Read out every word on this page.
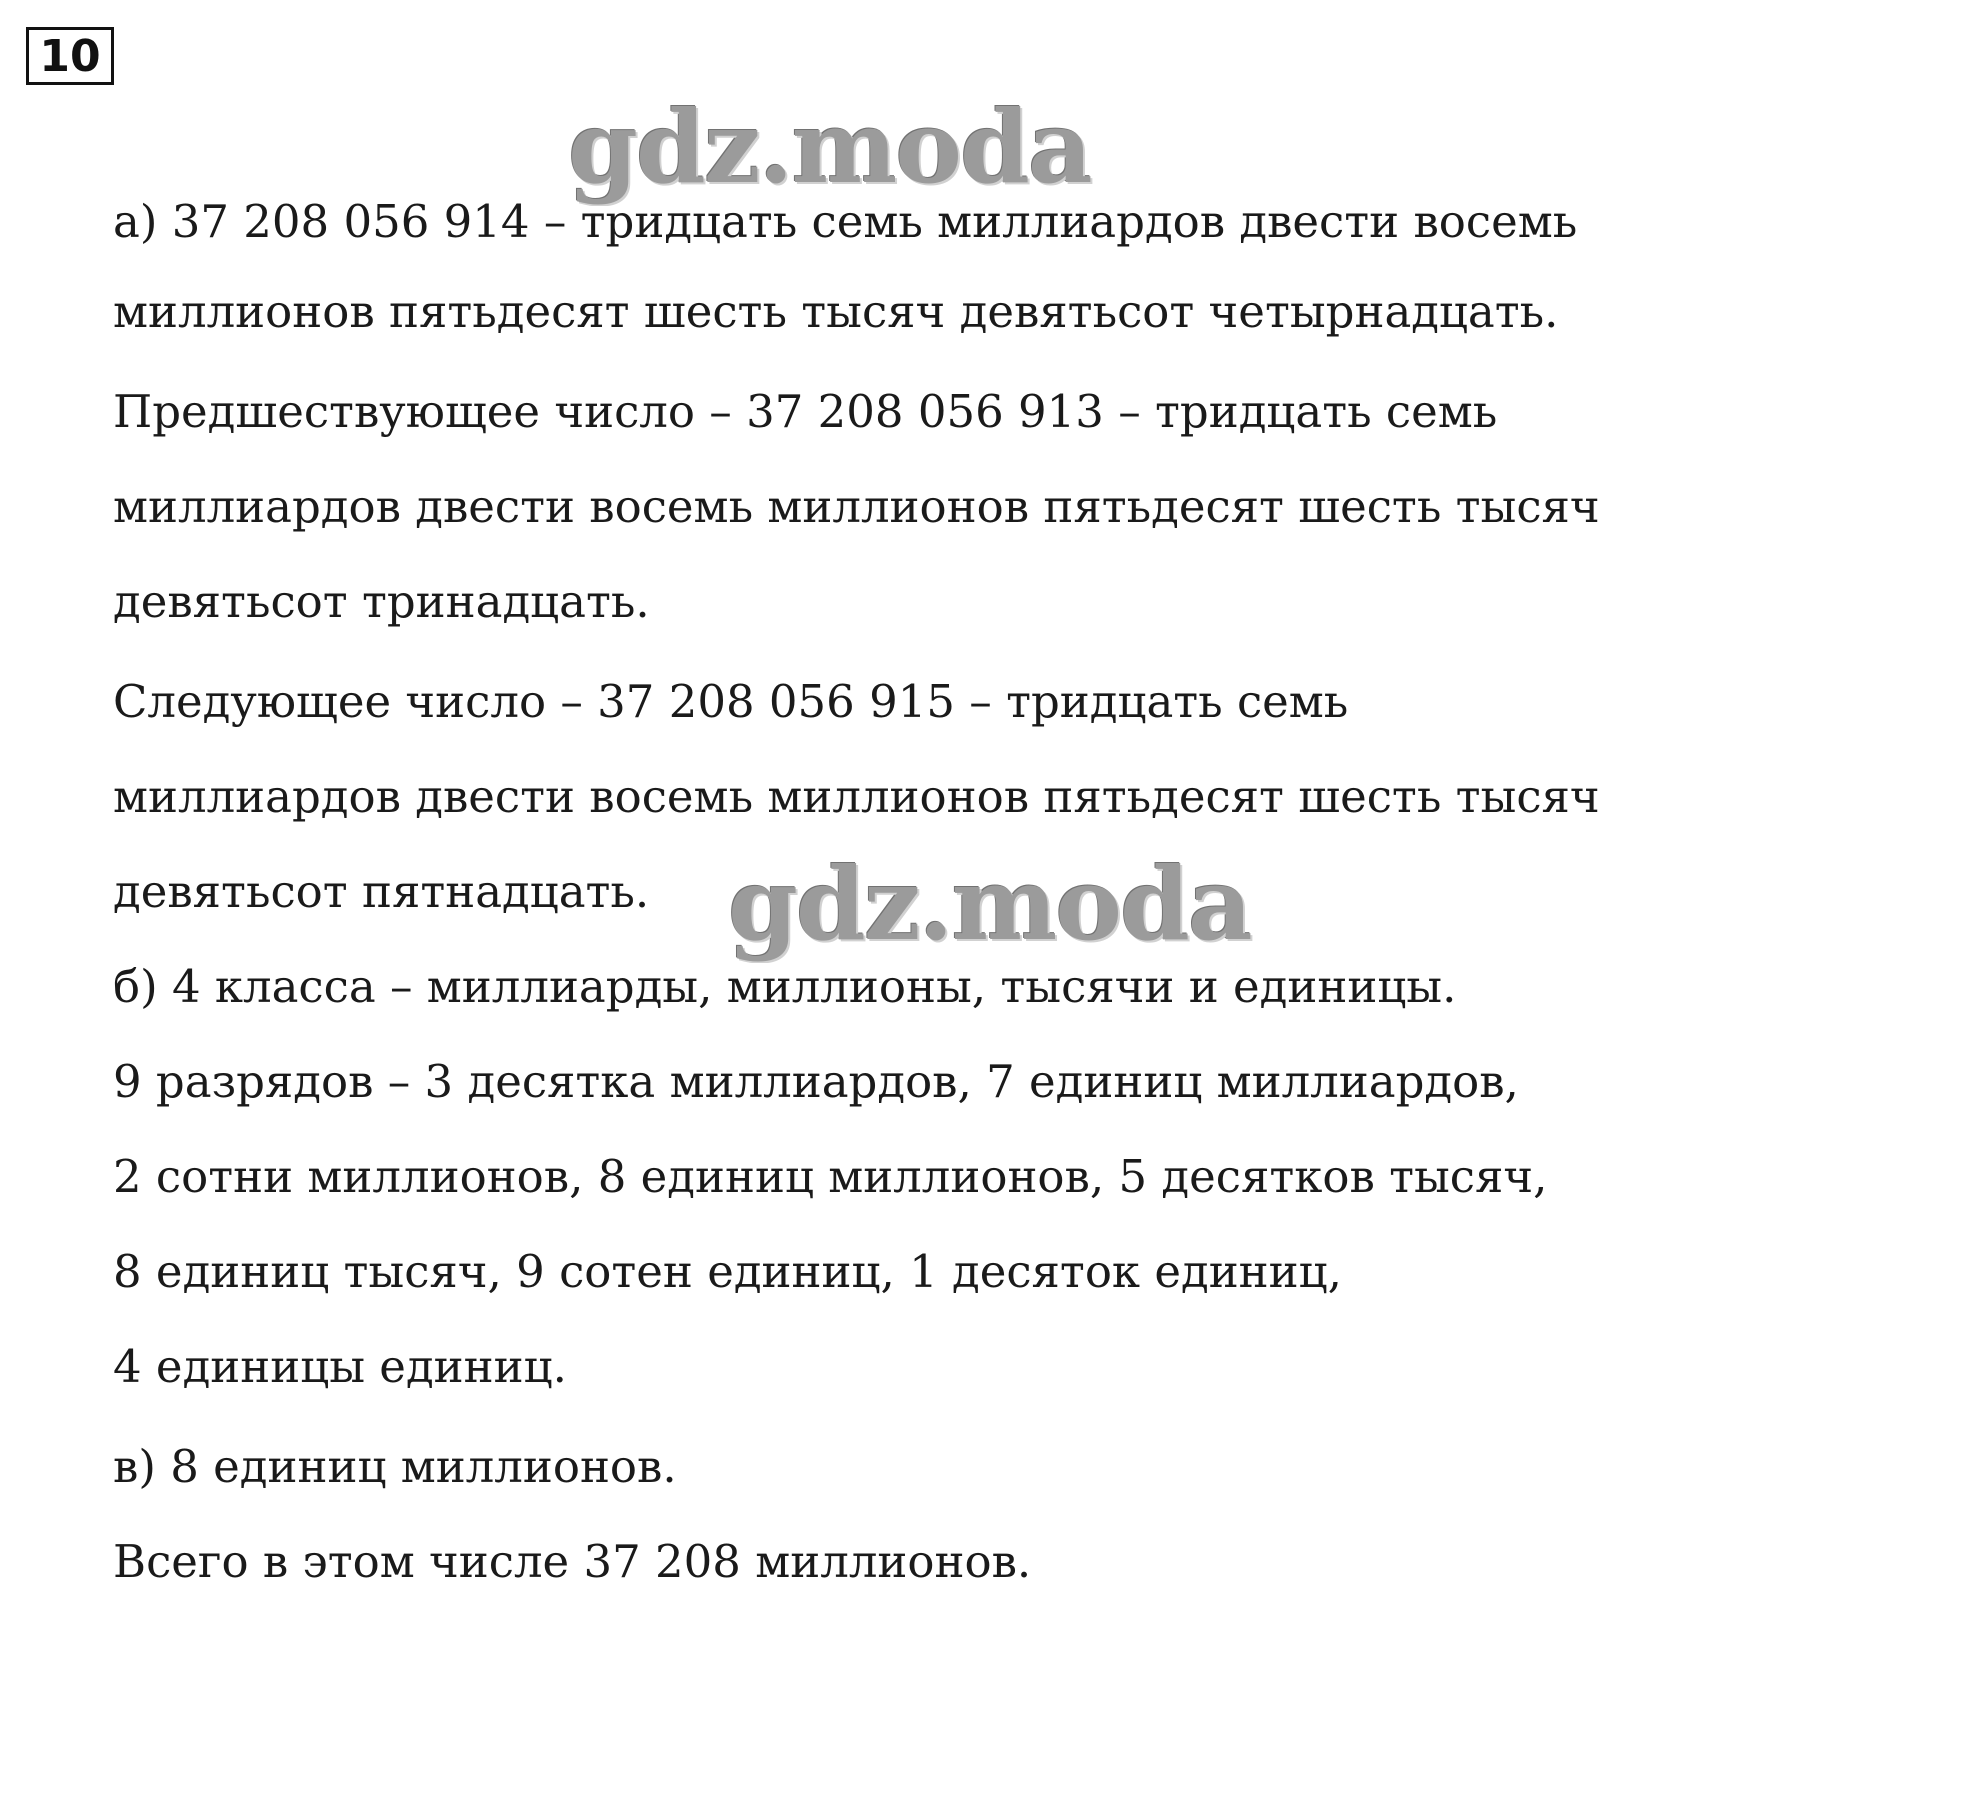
10
а) 37 208 056 914 – тридцать семь миллиардов двести восемь
миллионов пятьдесят шесть тысяч девятьсот четырнадцать.
Предшествующее число – 37 208 056 913 – тридцать семь
миллиардов двести восемь миллионов пятьдесят шесть тысяч
девятьсот тринадцать.
Следующее число – 37 208 056 915 – тридцать семь
миллиардов двести восемь миллионов пятьдесят шесть тысяч
девятьсот пятнадцать.
б) 4 класса – миллиарды, миллионы, тысячи и единицы.
9 разрядов – 3 десятка миллиардов, 7 единиц миллиардов,
2 сотни миллионов, 8 единиц миллионов, 5 десятков тысяч,
8 единиц тысяч, 9 сотен единиц, 1 десяток единиц,
4 единицы единиц.
в) 8 единиц миллионов.
Всего в этом числе 37 208 миллионов.
gdz.moda
gdz.moda
